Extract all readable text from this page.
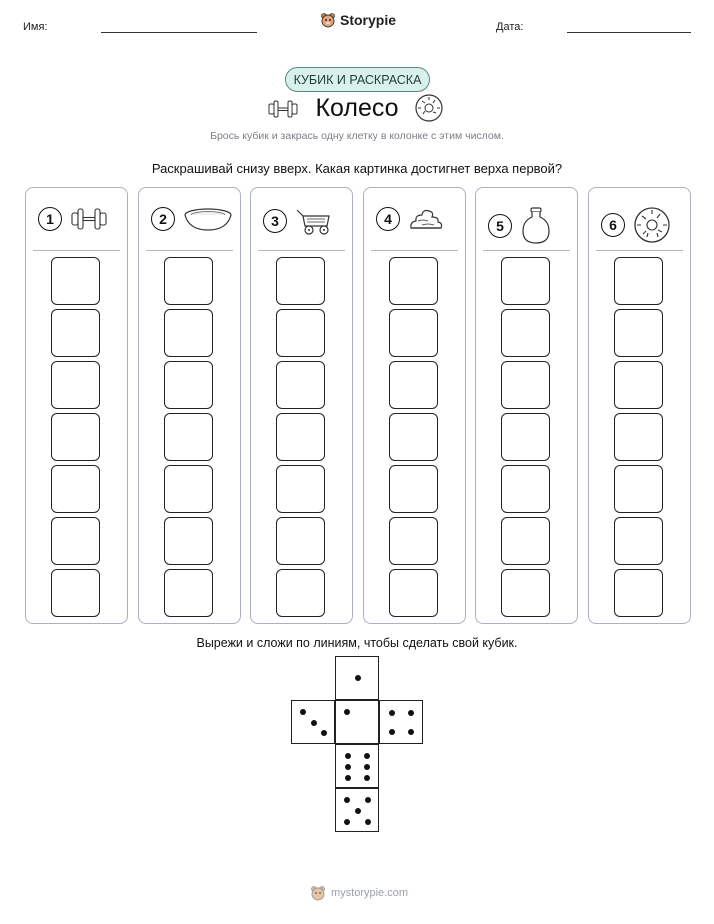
Имя:	Storypie	Дата:
КУБИК И РАСКРАСКА
Колесо
Брось кубик и закрась одну клетку в колонке с этим числом.
Раскрашивай снизу вверх. Какая картинка достигнет верха первой?
1	2	3	4	5	6
Вырежи и сложи по линиям, чтобы сделать свой кубик.
mystorypie.com
